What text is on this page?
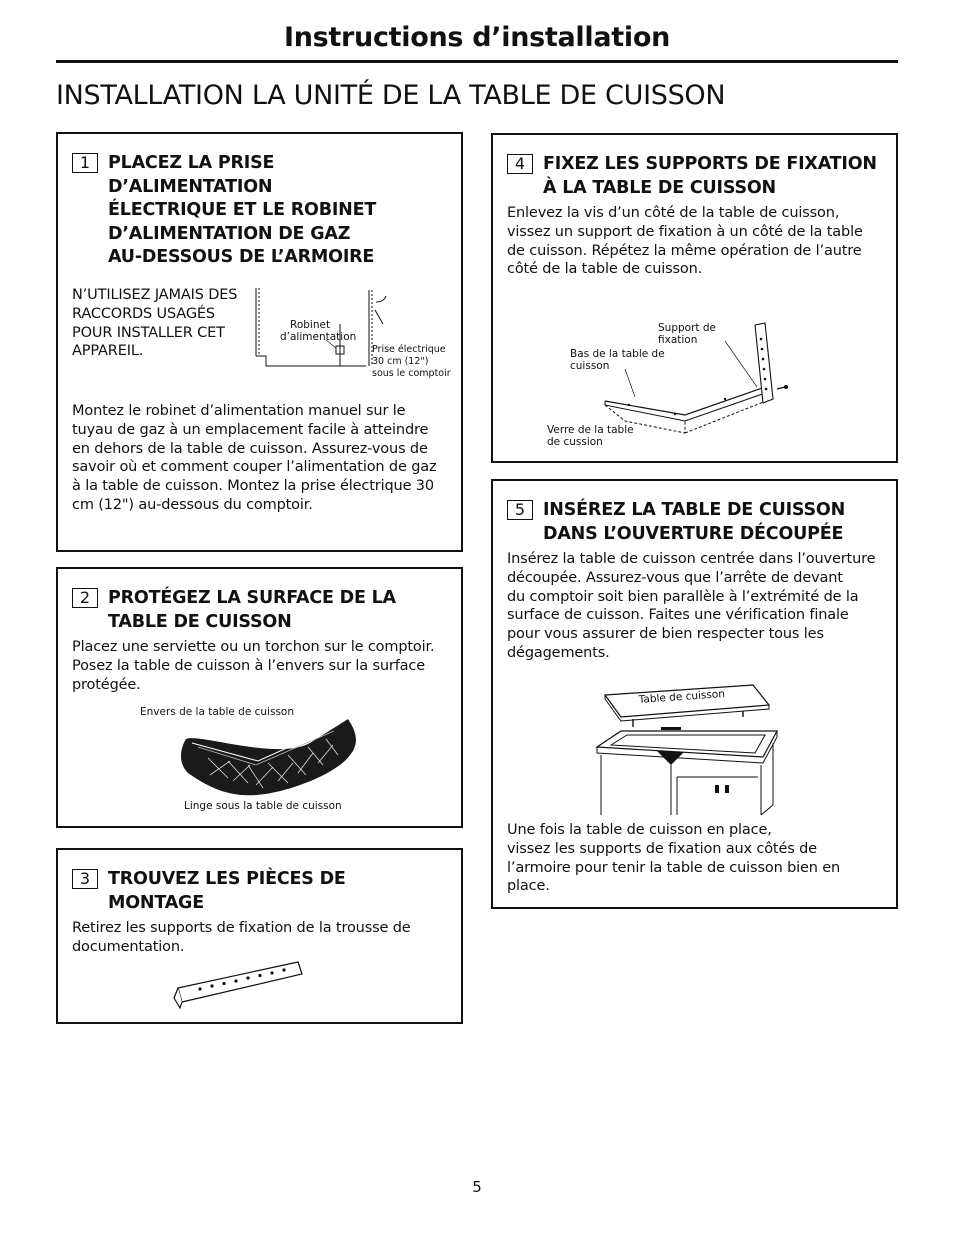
Instructions d’installation
INSTALLATION LA UNITÉ DE LA TABLE DE CUISSON
1	PLACEZ LA PRISE
D’ALIMENTATION
ÉLECTRIQUE ET LE ROBINET
D’ALIMENTATION DE GAZ
AU-DESSOUS DE L’ARMOIRE
N’UTILISEZ JAMAIS DES
RACCORDS USAGÉS
POUR INSTALLER CET
APPAREIL.
Robinet d’alimentation
Prise électrique 30 cm (12") sous le comptoir
Montez le robinet d’alimentation manuel sur le
tuyau de gaz à un emplacement facile à atteindre
en dehors de la table de cuisson. Assurez-vous de
savoir où et comment couper l’alimentation de gaz
à la table de cuisson. Montez la prise électrique 30
cm (12") au-dessous du comptoir.
2	PROTÉGEZ LA SURFACE DE LA
TABLE DE CUISSON
Placez une serviette ou un torchon sur le comptoir.
Posez la table de cuisson à l’envers sur la surface
protégée.
Envers de la table de cuisson
Linge sous la table de cuisson
3	TROUVEZ LES PIÈCES DE
MONTAGE
Retirez les supports de fixation de la trousse de
documentation.
4	FIXEZ LES SUPPORTS DE FIXATION
À LA TABLE DE CUISSON
Enlevez la vis d’un côté de la table de cuisson,
vissez un support de fixation à un côté de la table
de cuisson. Répétez la même opération de l’autre
côté de la table de cuisson.
Support de fixation
Bas de la table de cuisson
Verre de la table de cussion
5	INSÉREZ LA TABLE DE CUISSON
DANS L’OUVERTURE DÉCOUPÉE
Insérez la table de cuisson centrée dans l’ouverture
découpée. Assurez-vous que l’arrête de devant
du comptoir soit bien parallèle à l’extrémité de la
surface de cuisson. Faites une vérification finale
pour vous assurer de bien respecter tous les
dégagements.
Table de cuisson
Une fois la table de cuisson en place,
vissez les supports de fixation aux côtés de
l’armoire pour tenir la table de cuisson bien en
place.
5
